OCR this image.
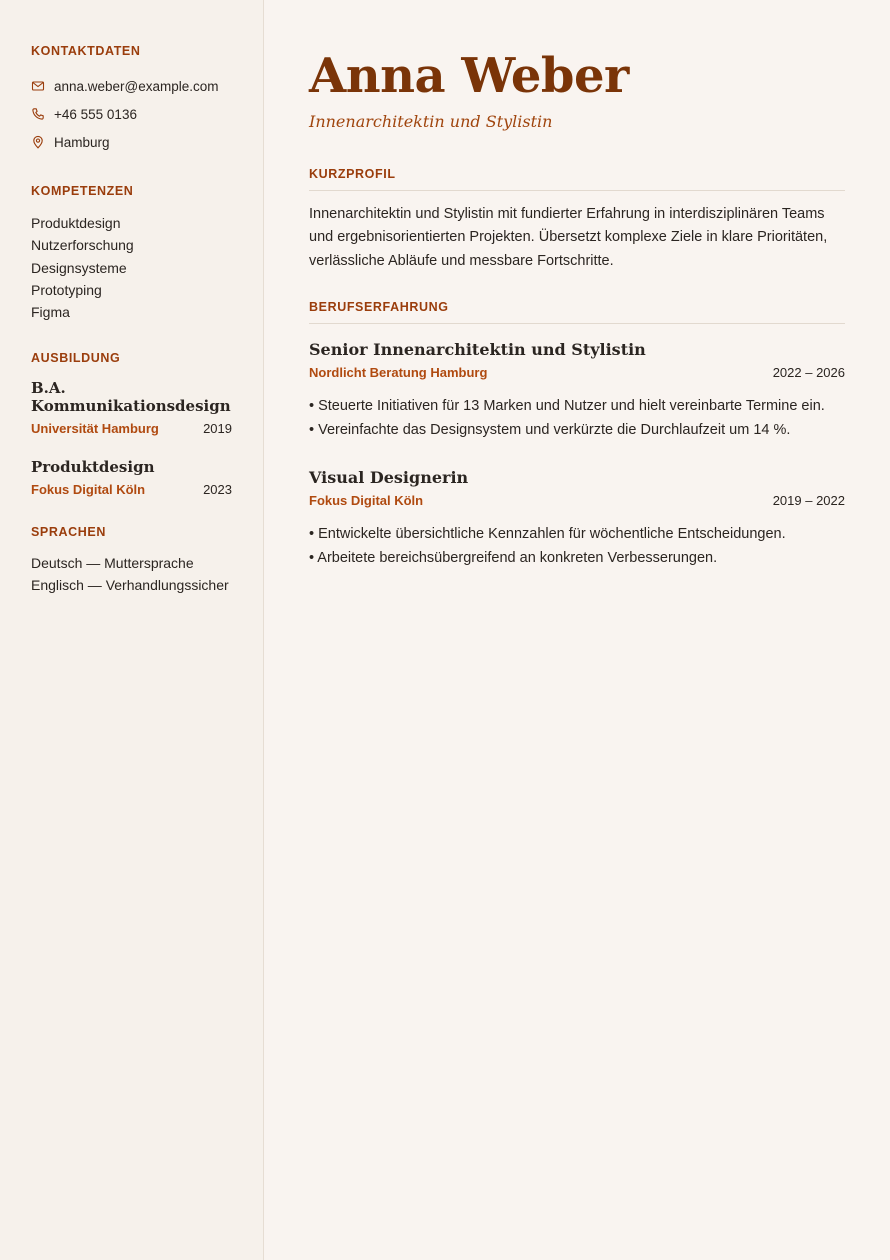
KONTAKTDATEN
anna.weber@example.com
+46 555 0136
Hamburg
KOMPETENZEN
Produktdesign
Nutzerforschung
Designsysteme
Prototyping
Figma
AUSBILDUNG
B.A. Kommunikationsdesign
Universität Hamburg	2019
Produktdesign
Fokus Digital Köln	2023
SPRACHEN
Deutsch — Muttersprache
Englisch — Verhandlungssicher
Anna Weber
Innenarchitektin und Stylistin
KURZPROFIL

Innenarchitektin und Stylistin mit fundierter Erfahrung in interdisziplinären Teams und ergebnisorientierten Projekten. Übersetzt komplexe Ziele in klare Prioritäten, verlässliche Abläufe und messbare Fortschritte.

BERUFSERFAHRUNG
Senior Innenarchitektin und Stylistin
Nordlicht Beratung Hamburg	2022 – 2026
• Steuerte Initiativen für 13 Marken und Nutzer und hielt vereinbarte Termine ein.
• Vereinfachte das Designsystem und verkürzte die Durchlaufzeit um 14 %.
Visual Designerin
Fokus Digital Köln	2019 – 2022
• Entwickelte übersichtliche Kennzahlen für wöchentliche Entscheidungen.
• Arbeitete bereichsübergreifend an konkreten Verbesserungen.
